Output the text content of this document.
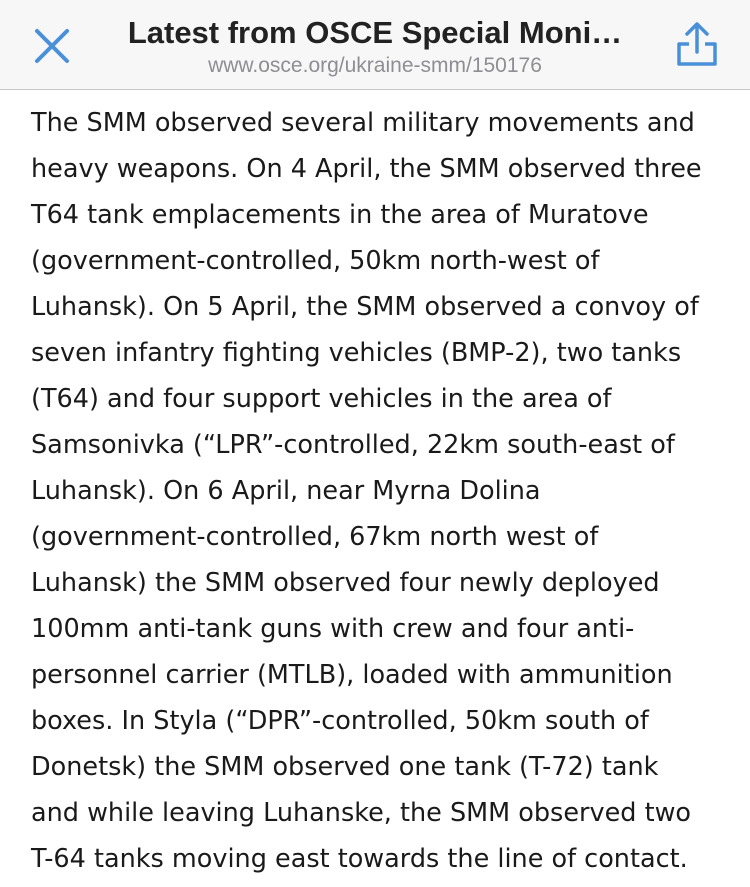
Latest from OSCE Special Moni…
www.osce.org/ukraine-smm/150176
The SMM observed several military movements and
heavy weapons. On 4 April, the SMM observed three
T64 tank emplacements in the area of Muratove
(government-controlled, 50km north-west of
Luhansk). On 5 April, the SMM observed a convoy of
seven infantry fighting vehicles (BMP-2), two tanks
(T64) and four support vehicles in the area of
Samsonivka (“LPR”-controlled, 22km south-east of
Luhansk). On 6 April, near Myrna Dolina
(government-controlled, 67km north west of
Luhansk) the SMM observed four newly deployed
100mm anti-tank guns with crew and four anti-
personnel carrier (MTLB), loaded with ammunition
boxes. In Styla (“DPR”-controlled, 50km south of
Donetsk) the SMM observed one tank (T-72) tank
and while leaving Luhanske, the SMM observed two
T-64 tanks moving east towards the line of contact.
